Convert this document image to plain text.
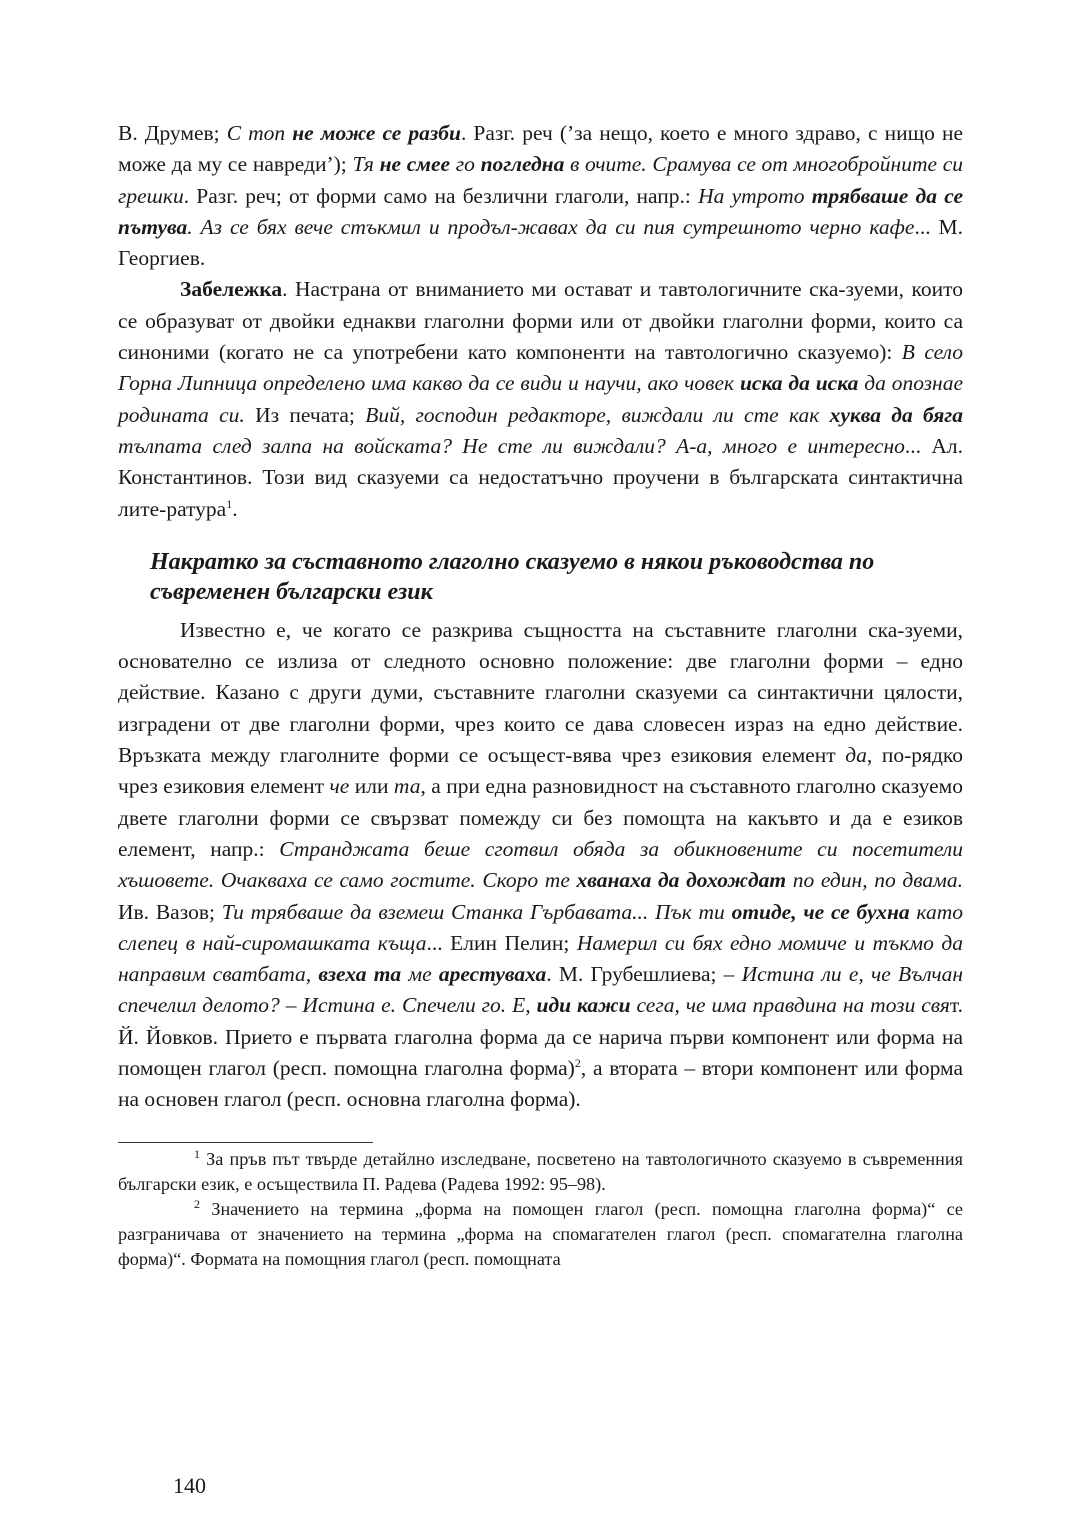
В. Друмев; С топ не може се разби. Разг. реч (’за нещо, което е много здраво, с нищо не може да му се навреди’); Тя не смее го погледна в очите. Срамува се от многобройните си грешки. Разг. реч; от форми само на безлични глаголи, напр.: На утрото трябваше да се пътува. Аз се бях вече стъкмил и продъл-жавах да си пия сутрешното черно кафе... М. Георгиев.

Забележка. Настрана от вниманието ми остават и тавтологичните ска-зуеми, които се образуват от двойки еднакви глаголни форми или от двойки глаголни форми, които са синоними (когато не са употребени като компоненти на тавтологично сказуемо): В село Горна Липница определено има какво да се види и научи, ако човек иска да иска да опознае родината си. Из печата; Вий, господин редакторе, виждали ли сте как хуква да бяга тълпата след залпа на войската? Не сте ли виждали? А-а, много е интересно... Ал. Константинов. Този вид сказуеми са недостатъчно проучени в българската синтактична лите-ратура$^1$.

Накратко за съставното глаголно сказуемо в някои ръководства по съвременен български език

Известно е, че когато се разкрива същността на съставните глаголни ска-зуеми, основателно се излиза от следното основно положение: две глаголни форми – едно действие. Казано с други думи, съставните глаголни сказуеми са синтактични цялости, изградени от две глаголни форми, чрез които се дава словесен израз на едно действие. Връзката между глаголните форми се осъщест-вява чрез езиковия елемент да, по-рядко чрез езиковия елемент че или та, а при една разновидност на съставното глаголно сказуемо двете глаголни форми се свързват помежду си без помощта на какъвто и да е езиков елемент, напр.: Странджата беше сготвил обяда за обикновените си посетители хъшовете. Очакваха се само гостите. Скоро те хванаха да дохождат по един, по двама. Ив. Вазов; Ти трябваше да вземеш Станка Гърбавата... Пък ти отиде, че се бухна като слепец в най-сиромашката къща... Елин Пелин; Намерил си бях едно момиче и тъкмо да направим сватбата, взеха та ме арестуваха. М. Грубешлиева; – Истина ли е, че Вълчан спечелил делото? – Истина е. Спечели го. Е, иди кажи сега, че има правдина на този свят. Й. Йовков. Прието е първата глаголна форма да се нарича първи компонент или форма на помощен глагол (респ. помощна глаголна форма)$^2$, а втората – втори компонент или форма на основен глагол (респ. основна глаголна форма).

$^1$ За пръв път твърде детайлно изследване, посветено на тавтологичното сказуемо в съвременния български език, е осъществила П. Радева (Радева 1992: 95–98).

$^2$ Значението на термина „форма на помощен глагол (респ. помощна глаголна форма)“ се разграничава от значението на термина „форма на спомагателен глагол (респ. спомагателна глаголна форма)“. Формата на помощния глагол (респ. помощната

140
